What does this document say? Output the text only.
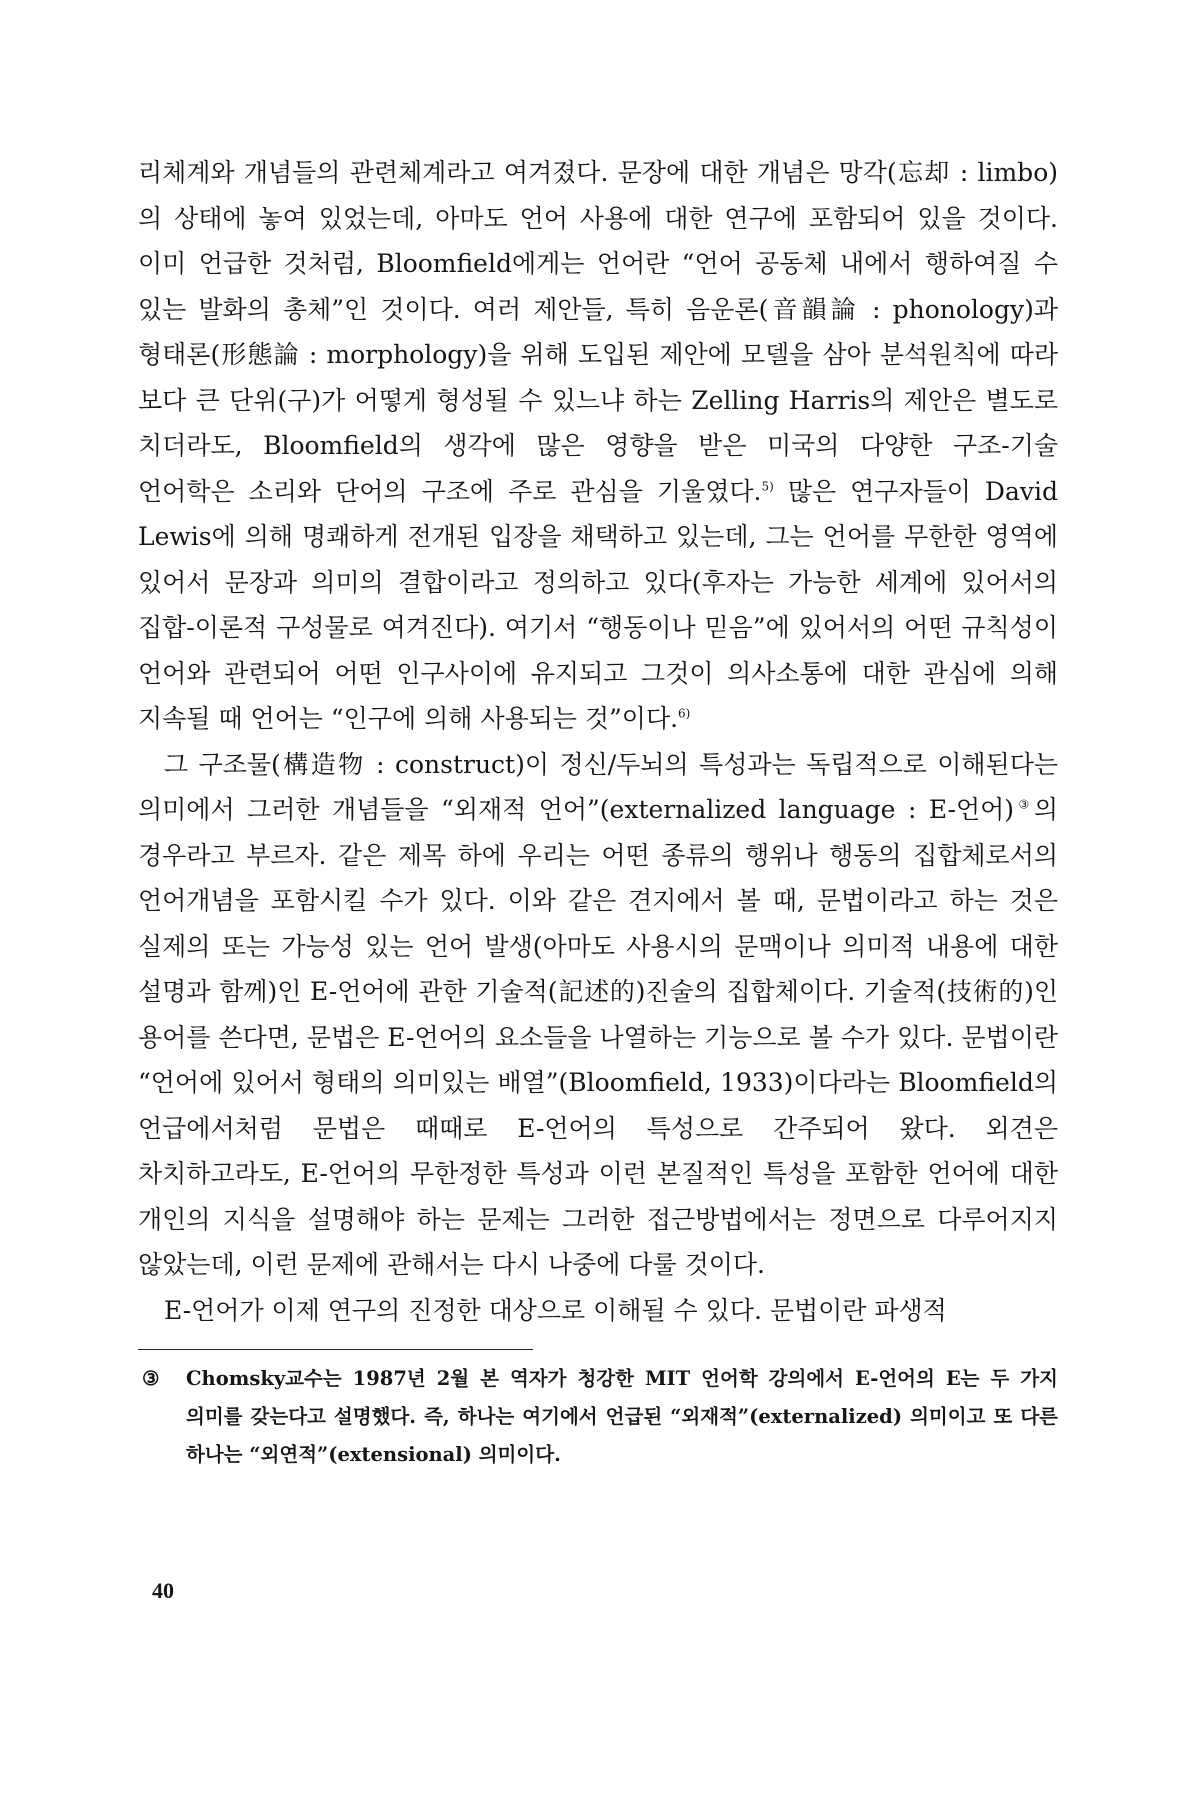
리체계와 개념들의 관련체계라고 여겨졌다. 문장에 대한 개념은 망각(忘却 : limbo)의 상태에 놓여 있었는데, 아마도 언어 사용에 대한 연구에 포함되어 있을 것이다. 이미 언급한 것처럼, Bloomfield에게는 언어란 “언어 공동체 내에서 행하여질 수 있는 발화의 총체”인 것이다. 여러 제안들, 특히 음운론(音韻論 : phonology)과 형태론(形態論 : morphology)을 위해 도입된 제안에 모델을 삼아 분석원칙에 따라 보다 큰 단위(구)가 어떻게 형성될 수 있느냐 하는 Zelling Harris의 제안은 별도로 치더라도, Bloomfield의 생각에 많은 영향을 받은 미국의 다양한 구조-기술 언어학은 소리와 단어의 구조에 주로 관심을 기울였다.$^{5)}$ 많은 연구자들이 David Lewis에 의해 명쾌하게 전개된 입장을 채택하고 있는데, 그는 언어를 무한한 영역에 있어서 문장과 의미의 결합이라고 정의하고 있다(후자는 가능한 세계에 있어서의 집합-이론적 구성물로 여겨진다). 여기서 “행동이나 믿음”에 있어서의 어떤 규칙성이 언어와 관련되어 어떤 인구사이에 유지되고 그것이 의사소통에 대한 관심에 의해 지속될 때 언어는 “인구에 의해 사용되는 것”이다.$^{6)}$

그 구조물(構造物 : construct)이 정신/두뇌의 특성과는 독립적으로 이해된다는 의미에서 그러한 개념들을 “외재적 언어”(externalized language : E-언어)③의 경우라고 부르자. 같은 제목 하에 우리는 어떤 종류의 행위나 행동의 집합체로서의 언어개념을 포함시킬 수가 있다. 이와 같은 견지에서 볼 때, 문법이라고 하는 것은 실제의 또는 가능성 있는 언어 발생(아마도 사용시의 문맥이나 의미적 내용에 대한 설명과 함께)인 E-언어에 관한 기술적(記述的)진술의 집합체이다. 기술적(技術的)인 용어를 쓴다면, 문법은 E-언어의 요소들을 나열하는 기능으로 볼 수가 있다. 문법이란 “언어에 있어서 형태의 의미있는 배열”(Bloomfield, 1933)이다라는 Bloomfield의 언급에서처럼 문법은 때때로 E-언어의 특성으로 간주되어 왔다. 외견은 차치하고라도, E-언어의 무한정한 특성과 이런 본질적인 특성을 포함한 언어에 대한 개인의 지식을 설명해야 하는 문제는 그러한 접근방법에서는 정면으로 다루어지지 않았는데, 이런 문제에 관해서는 다시 나중에 다룰 것이다.

E-언어가 이제 연구의 진정한 대상으로 이해될 수 있다. 문법이란 파생적

③ Chomsky교수는 1987년 2월 본 역자가 청강한 MIT 언어학 강의에서 E-언어의 E는 두 가지 의미를 갖는다고 설명했다. 즉, 하나는 여기에서 언급된 “외재적”(externalized) 의미이고 또 다른 하나는 “외연적”(extensional) 의미이다.
40
